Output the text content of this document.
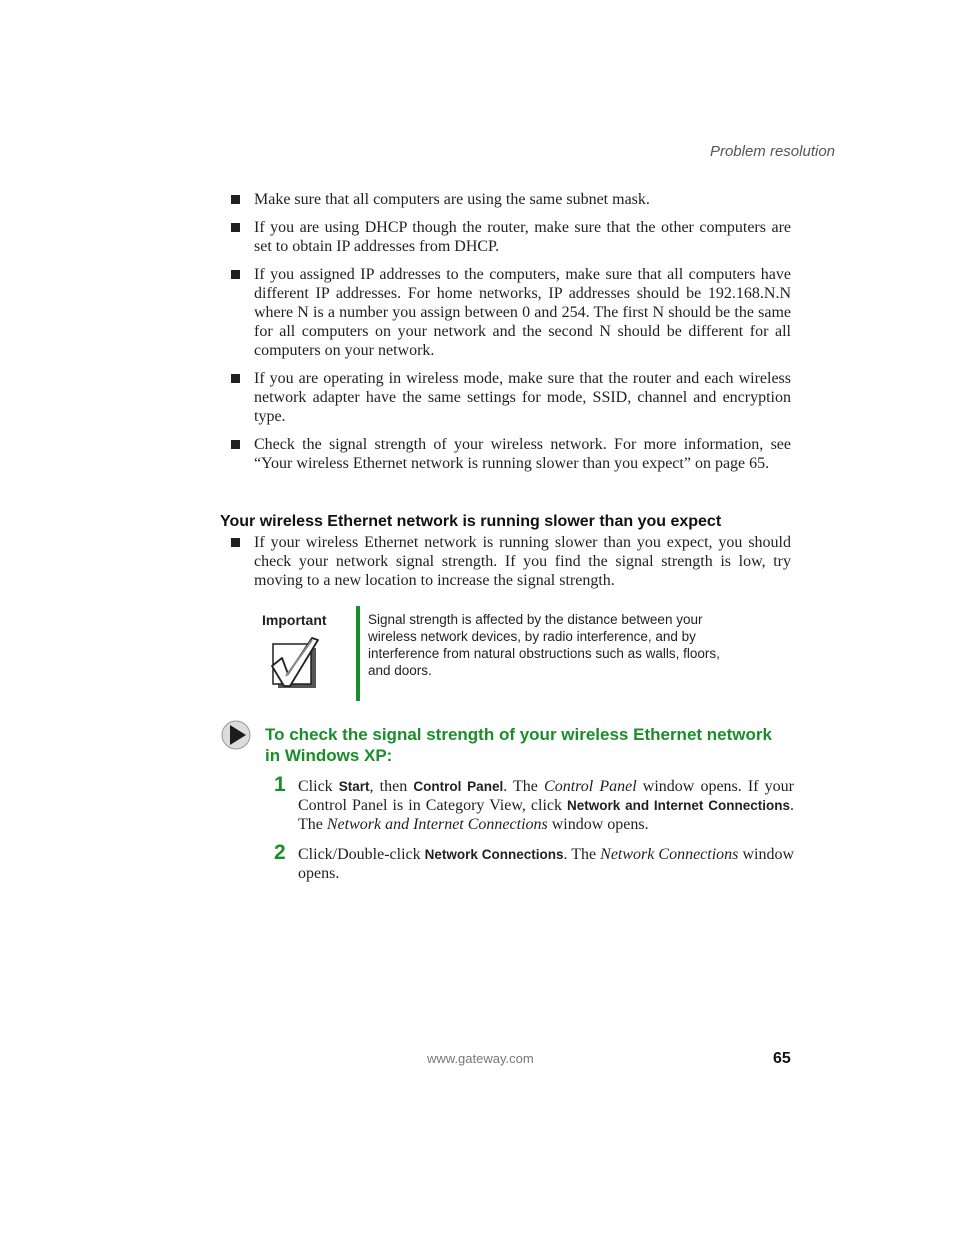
Problem resolution
Make sure that all computers are using the same subnet mask.
If you are using DHCP though the router, make sure that the other computers are set to obtain IP addresses from DHCP.
If you assigned IP addresses to the computers, make sure that all computers have different IP addresses. For home networks, IP addresses should be 192.168.N.N where N is a number you assign between 0 and 254. The first N should be the same for all computers on your network and the second N should be different for all computers on your network.
If you are operating in wireless mode, make sure that the router and each wireless network adapter have the same settings for mode, SSID, channel and encryption type.
Check the signal strength of your wireless network. For more information, see “Your wireless Ethernet network is running slower than you expect” on page 65.
Your wireless Ethernet network is running slower than you expect
If your wireless Ethernet network is running slower than you expect, you should check your network signal strength. If you find the signal strength is low, try moving to a new location to increase the signal strength.
Important	Signal strength is affected by the distance between your wireless network devices, by radio interference, and by interference from natural obstructions such as walls, floors, and doors.
To check the signal strength of your wireless Ethernet network in Windows XP:
1 Click Start, then Control Panel. The Control Panel window opens. If your Control Panel is in Category View, click Network and Internet Connections. The Network and Internet Connections window opens.
2 Click/Double-click Network Connections. The Network Connections window opens.
www.gateway.com	65
